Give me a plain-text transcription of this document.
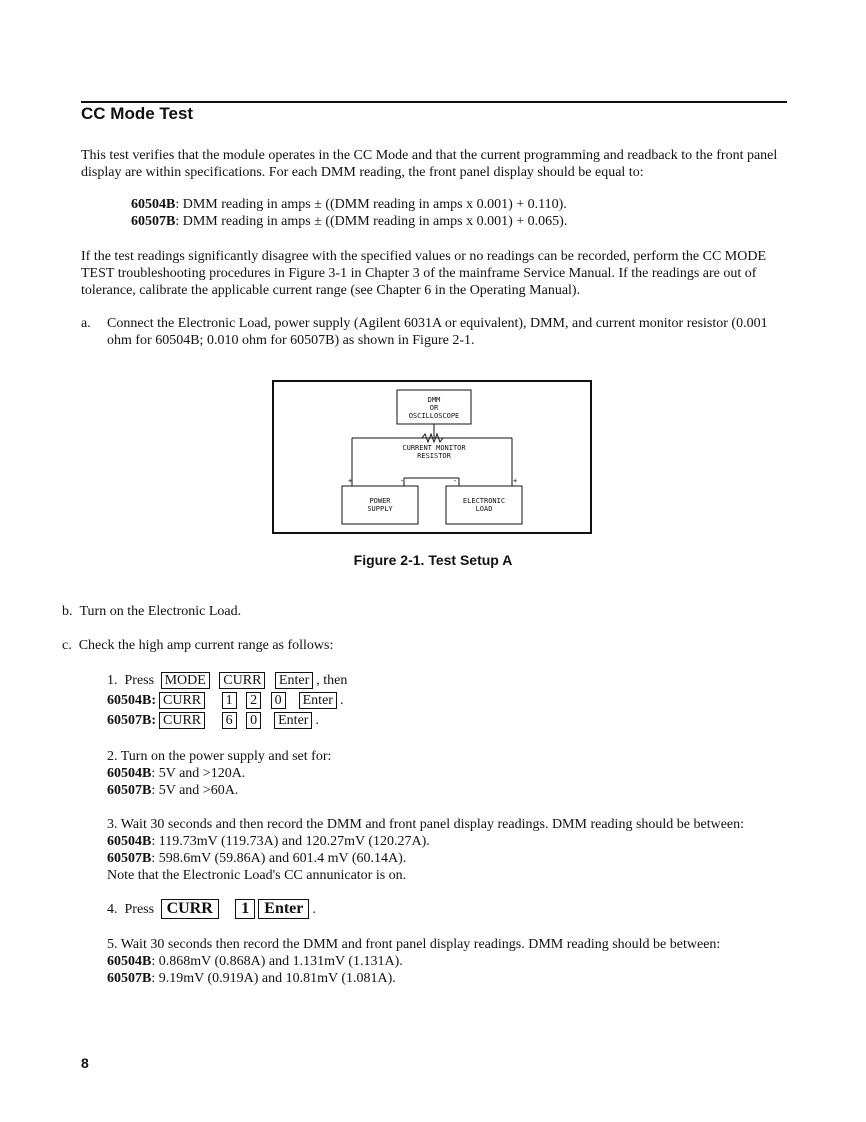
CC Mode Test
This test verifies that the module operates in the CC Mode and that the current programming and readback to the front panel
display are within specifications. For each DMM reading, the front panel display should be equal to:
60504B: DMM reading in amps ± ((DMM reading in amps x 0.001) + 0.110).
60507B: DMM reading in amps ± ((DMM reading in amps x 0.001) + 0.065).
If the test readings significantly disagree with the specified values or no readings can be recorded, perform the CC MODE
TEST troubleshooting procedures in Figure 3-1 in Chapter 3 of the mainframe Service Manual. If the readings are out of
tolerance, calibrate the applicable current range (see Chapter 6 in the Operating Manual).
a. Connect the Electronic Load, power supply (Agilent 6031A or equivalent), DMM, and current monitor resistor (0.001
ohm for 60504B; 0.010 ohm for 60507B) as shown in Figure 2-1.
DMM
OR
OSCILLOSCOPE
CURRENT MONITOR
RESISTOR
+	-	-	+
POWER
SUPPLY
ELECTRONIC
LOAD
Figure 2-1. Test Setup A
b. Turn on the Electronic Load.
c. Check the high amp current range as follows:
1. Press MODE CURR Enter , then
60504B: CURR 1 2 0 Enter .
60507B: CURR 6 0 Enter .
2. Turn on the power supply and set for:
60504B: 5V and >120A.
60507B: 5V and >60A.
3. Wait 30 seconds and then record the DMM and front panel display readings. DMM reading should be between:
60504B: 119.73mV (119.73A) and 120.27mV (120.27A).
60507B: 598.6mV (59.86A) and 601.4 mV (60.14A).
Note that the Electronic Load's CC annunicator is on.
4. Press CURR 1 Enter .
5. Wait 30 seconds then record the DMM and front panel display readings. DMM reading should be between:
60504B: 0.868mV (0.868A) and 1.131mV (1.131A).
60507B: 9.19mV (0.919A) and 10.81mV (1.081A).
8
